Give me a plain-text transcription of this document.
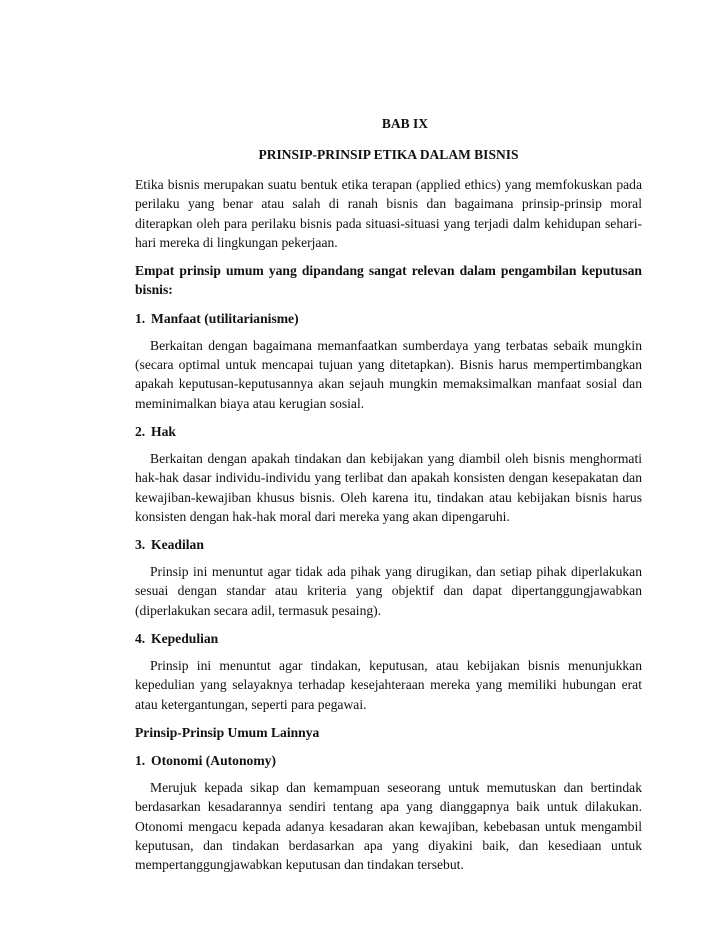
BAB IX
PRINSIP-PRINSIP ETIKA DALAM BISNIS

Etika bisnis merupakan suatu bentuk etika terapan (applied ethics) yang memfokuskan pada perilaku yang benar atau salah di ranah bisnis dan bagaimana prinsip-prinsip moral diterapkan oleh para perilaku bisnis pada situasi-situasi yang terjadi dalm kehidupan sehari-hari mereka di lingkungan pekerjaan.

Empat prinsip umum yang dipandang sangat relevan dalam pengambilan keputusan bisnis:
1. Manfaat (utilitarianisme)

Berkaitan dengan bagaimana memanfaatkan sumberdaya yang terbatas sebaik mungkin (secara optimal untuk mencapai tujuan yang ditetapkan). Bisnis harus mempertimbangkan apakah keputusan-keputusannya akan sejauh mungkin memaksimalkan manfaat sosial dan meminimalkan biaya atau kerugian sosial.

2. Hak

Berkaitan dengan apakah tindakan dan kebijakan yang diambil oleh bisnis menghormati hak-hak dasar individu-individu yang terlibat dan apakah konsisten dengan kesepakatan dan kewajiban-kewajiban khusus bisnis. Oleh karena itu, tindakan atau kebijakan bisnis harus konsisten dengan hak-hak moral dari mereka yang akan dipengaruhi.

3. Keadilan

Prinsip ini menuntut agar tidak ada pihak yang dirugikan, dan setiap pihak diperlakukan sesuai dengan standar atau kriteria yang objektif dan dapat dipertanggungjawabkan (diperlakukan secara adil, termasuk pesaing).

4. Kepedulian

Prinsip ini menuntut agar tindakan, keputusan, atau kebijakan bisnis menunjukkan kepedulian yang selayaknya terhadap kesejahteraan mereka yang memiliki hubungan erat atau ketergantungan, seperti para pegawai.

Prinsip-Prinsip Umum Lainnya
1. Otonomi (Autonomy)

Merujuk kepada sikap dan kemampuan seseorang untuk memutuskan dan bertindak berdasarkan kesadarannya sendiri tentang apa yang dianggapnya baik untuk dilakukan. Otonomi mengacu kepada adanya kesadaran akan kewajiban, kebebasan untuk mengambil keputusan, dan tindakan berdasarkan apa yang diyakini baik, dan kesediaan untuk mempertanggungjawabkan keputusan dan tindakan tersebut.
